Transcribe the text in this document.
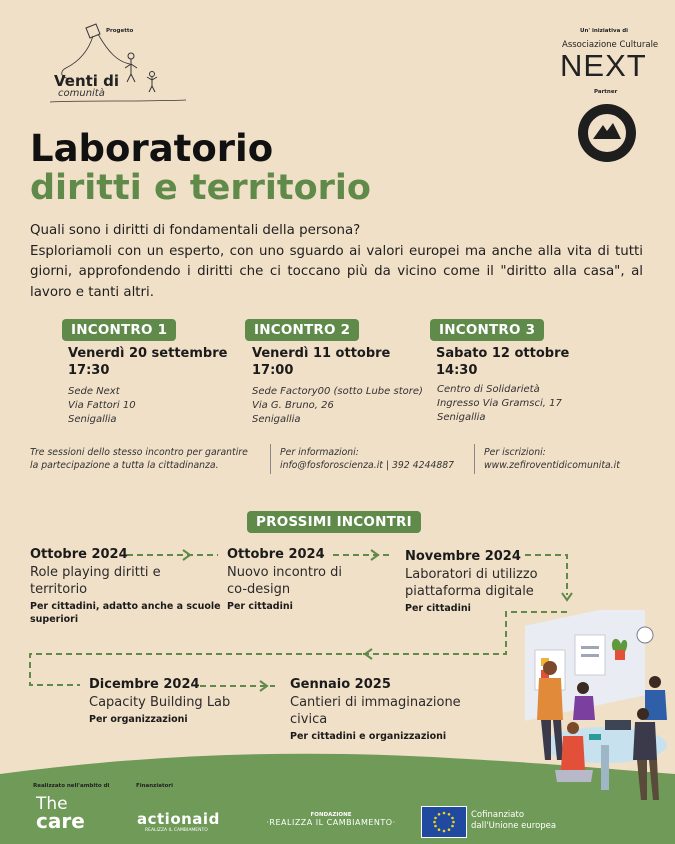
Progetto
Venti di
comunità
Un' iniziativa di
Associazione Culturale
NEXT
Partner
Laboratorio
diritti e territorio
Quali sono i diritti di fondamentali della persona?
Esploriamoli con un esperto, con uno sguardo ai valori europei ma anche alla vita di tutti giorni, approfondendo i diritti che ci toccano più da vicino come il "diritto alla casa", al lavoro e tanti altri.
INCONTRO 1
Venerdì 20 settembre
17:30
Sede Next
Via Fattori 10
Senigallia
INCONTRO 2
Venerdì 11 ottobre
17:00
Sede Factory00 (sotto Lube store)
Via G. Bruno, 26
Senigallia
INCONTRO 3
Sabato 12 ottobre
14:30
Centro di Solidarietà
Ingresso Via Gramsci, 17
Senigallia
Tre sessioni dello stesso incontro per garantire
la partecipazione a tutta la cittadinanza.
Per informazioni:
info@fosforoscienza.it | 392 4244887
Per iscrizioni:
www.zefiroventidicomunita.it
PROSSIMI INCONTRI
Ottobre 2024
Role playing diritti e territorio
Per cittadini, adatto anche a scuole superiori
Ottobre 2024
Nuovo incontro di co-design
Per cittadini
Novembre 2024
Laboratori di utilizzo piattaforma digitale
Per cittadini
Dicembre 2024
Capacity Building Lab
Per organizzazioni
Gennaio 2025
Cantieri di immaginazione civica
Per cittadini e organizzazioni
Realizzato nell'ambito di	Finanziatori
The
care	actionaid
REALIZZA IL CAMBIAMENTO
FONDAZIONE
·REALIZZA IL CAMBIAMENTO·
Cofinanziato
dall'Unione europea
